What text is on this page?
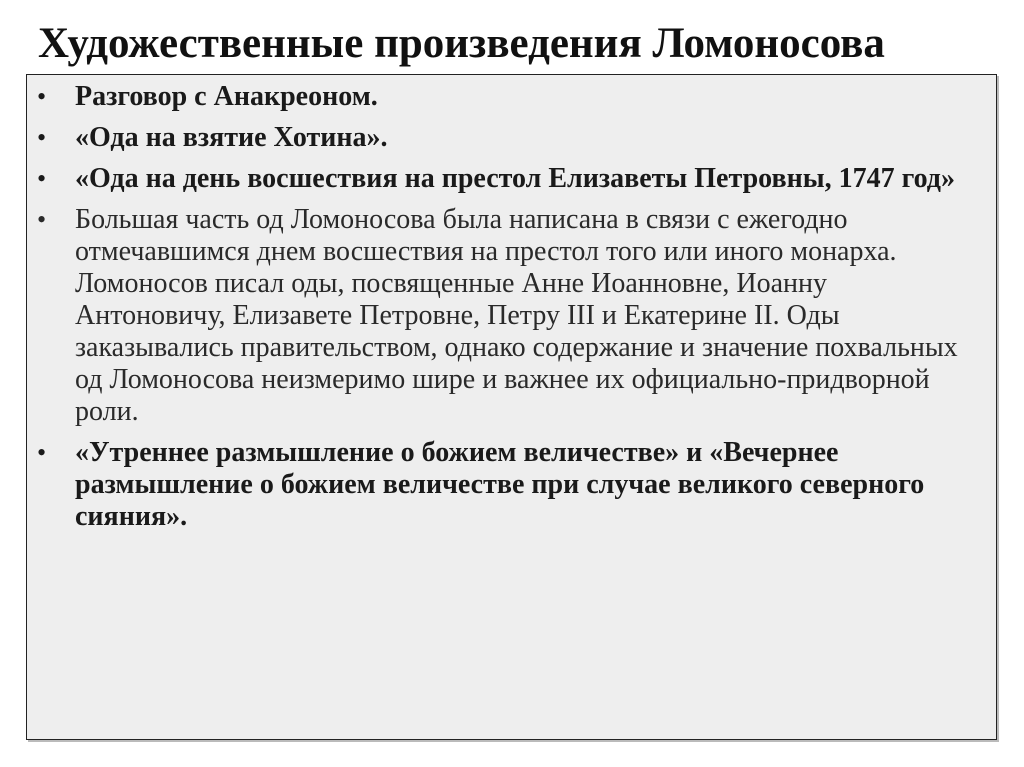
Художественные произведения Ломоносова
• Разговор с Анакреоном.
• «Ода на взятие Хотина».
• «Ода на день восшествия на престол Елизаветы Петровны, 1747 год»
• Большая часть од Ломоносова была написана в связи с ежегодно отмечавшимся днем восшествия на престол того или иного монарха. Ломоносов писал оды, посвященные Анне Иоанновне, Иоанну Антоновичу, Елизавете Петровне, Петру III и Екатерине II. Оды заказывались правительством, однако содержание и значение похвальных од Ломоносова неизмеримо шире и важнее их официально-придворной роли.
• «Утреннее размышление о божием величестве» и «Вечернее размышление о божием величестве при случае великого северного сияния».
